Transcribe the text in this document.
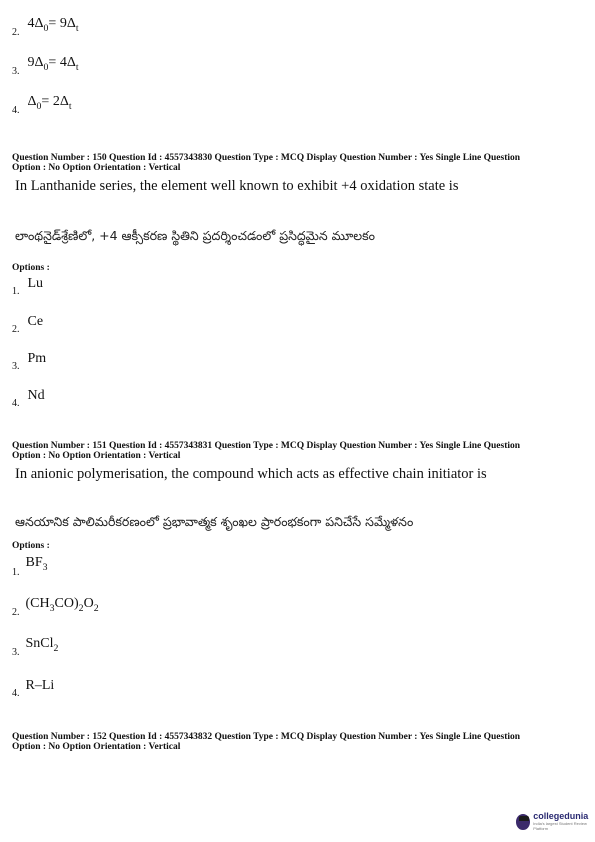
$_{2.}$ $4\Delta_0= 9\Delta_t$
$_{3.}$ $9\Delta_0= 4\Delta_t$
$_{4.}$ $\Delta_0= 2\Delta_t$
Question Number : 150 Question Id : 4557343830 Question Type : MCQ Display Question Number : Yes Single Line Question
Option : No Option Orientation : Vertical
In Lanthanide series, the element well known to exhibit +4 oxidation state is
లాంథనైడ్‌శ్రేణిలో, +4 ఆక్సీకరణ స్థితిని ప్రదర్శించడంలో ప్రసిద్ధమైన మూలకం
Options :
$_{1.}$ Lu
$_{2.}$ Ce
$_{3.}$ Pm
$_{4.}$ Nd
Question Number : 151 Question Id : 4557343831 Question Type : MCQ Display Question Number : Yes Single Line Question
Option : No Option Orientation : Vertical
In anionic polymerisation, the compound which acts as effective chain initiator is
ఆనయానిక పాలిమరీకరణంలో ప్రభావాత్మక శృంఖల ప్రారంభకంగా పనిచేసే సమ్మేళనం
Options :
$_{1.}$ $BF_3$
$_{2.}$ $(CH_3CO)_2O_2$
$_{3.}$ SnCl$_2$
$_{4.}$ R–Li
Question Number : 152 Question Id : 4557343832 Question Type : MCQ Display Question Number : Yes Single Line Question
Option : No Option Orientation : Vertical
collegedunia
India's largest Student Review Platform
